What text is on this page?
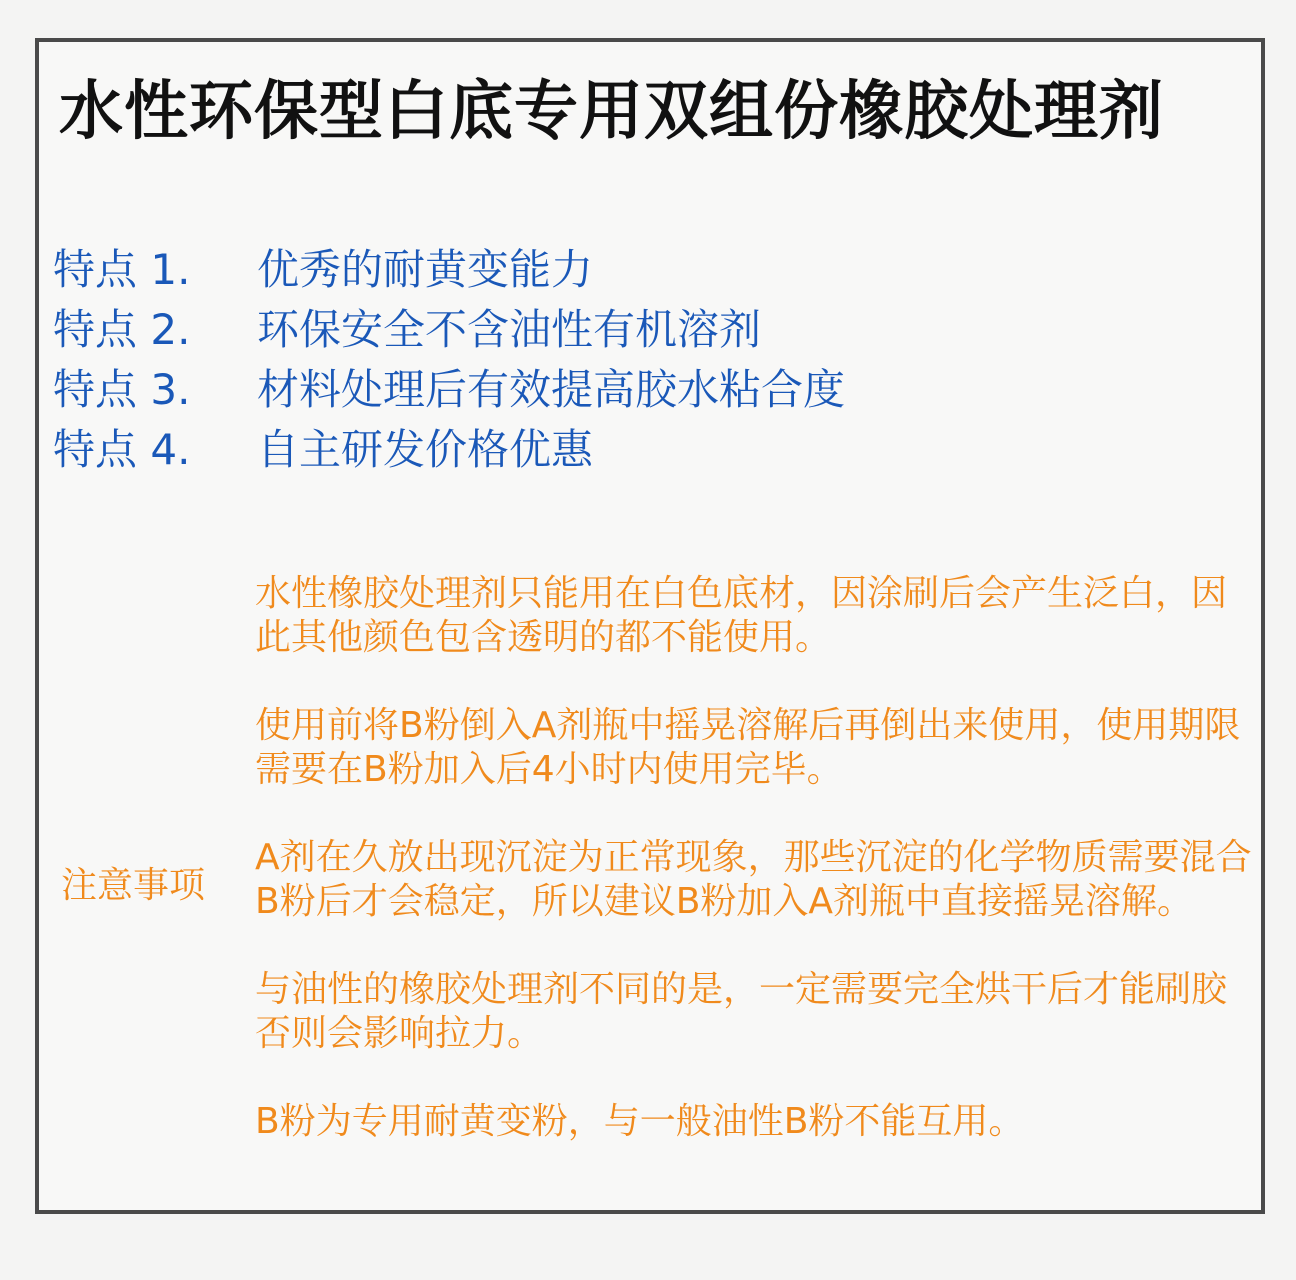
水性环保型白底专用双组份橡胶处理剂
特点 1. 优秀的耐黄变能力
特点 2. 环保安全不含油性有机溶剂
特点 3. 材料处理后有效提高胶水粘合度
特点 4. 自主研发价格优惠
注意事项

水性橡胶处理剂只能用在白色底材，因涂刷后会产生泛白，因此其他颜色包含透明的都不能使用。

使用前将B粉倒入A剂瓶中摇晃溶解后再倒出来使用，使用期限需要在B粉加入后4小时内使用完毕。

A剂在久放出现沉淀为正常现象，那些沉淀的化学物质需要混合B粉后才会稳定，所以建议B粉加入A剂瓶中直接摇晃溶解。

与油性的橡胶处理剂不同的是，一定需要完全烘干后才能刷胶否则会影响拉力。

B粉为专用耐黄变粉，与一般油性B粉不能互用。
